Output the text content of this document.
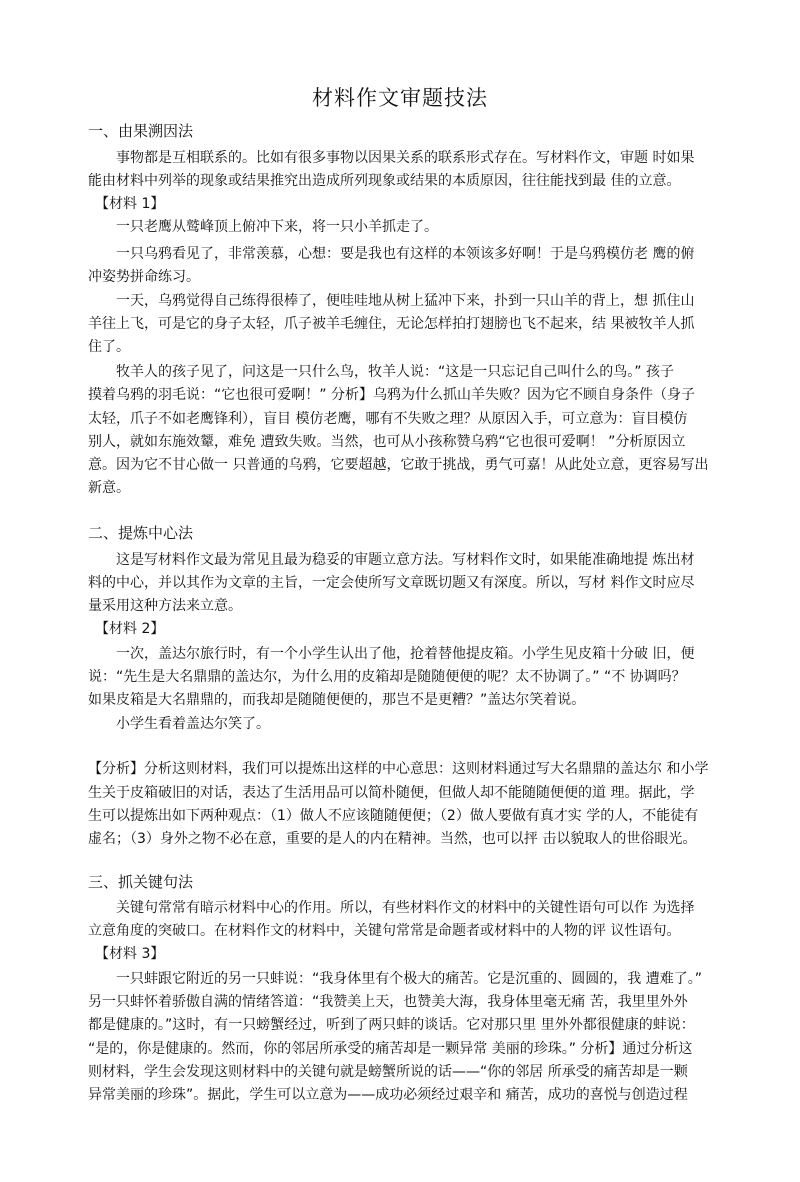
材料作文审题技法
一、由果溯因法
　　事物都是互相联系的。比如有很多事物以因果关系的联系形式存在。写材料作文，审题 时如果
能由材料中列举的现象或结果推究出造成所列现象或结果的本质原因，往往能找到最 佳的立意。
　【材料 1】
　　一只老鹰从鹫峰顶上俯冲下来，将一只小羊抓走了。
　　一只乌鸦看见了，非常羡慕，心想：要是我也有这样的本领该多好啊！于是乌鸦模仿老 鹰的俯
冲姿势拼命练习。
　　一天，乌鸦觉得自己练得很棒了，便哇哇地从树上猛冲下来，扑到一只山羊的背上，想 抓住山
羊往上飞，可是它的身子太轻，爪子被羊毛缠住，无论怎样拍打翅膀也飞不起来，结 果被牧羊人抓
住了。
　　牧羊人的孩子见了，问这是一只什么鸟，牧羊人说：“这是一只忘记自己叫什么的鸟。” 孩子
摸着乌鸦的羽毛说：“它也很可爱啊！” 分析】乌鸦为什么抓山羊失败？因为它不顾自身条件（身子
太轻，爪子不如老鹰锋利），盲目 模仿老鹰，哪有不失败之理？从原因入手，可立意为：盲目模仿
别人，就如东施效颦，难免 遭致失败。当然，也可从小孩称赞乌鸦“它也很可爱啊！ ”分析原因立
意。因为它不甘心做一 只普通的乌鸦，它要超越，它敢于挑战，勇气可嘉！从此处立意，更容易写出
新意。
二、提炼中心法
　　这是写材料作文最为常见且最为稳妥的审题立意方法。写材料作文时，如果能准确地提 炼出材
料的中心，并以其作为文章的主旨，一定会使所写文章既切题又有深度。所以，写材 料作文时应尽
量采用这种方法来立意。
　【材料 2】
　　一次，盖达尔旅行时，有一个小学生认出了他，抢着替他提皮箱。小学生见皮箱十分破 旧，便
说：“先生是大名鼎鼎的盖达尔，为什么用的皮箱却是随随便便的呢？太不协调了。” “不 协调吗？
如果皮箱是大名鼎鼎的，而我却是随随便便的，那岂不是更糟？”盖达尔笑着说。
　　小学生看着盖达尔笑了。
【分析】分析这则材料，我们可以提炼出这样的中心意思：这则材料通过写大名鼎鼎的盖达尔 和小学
生关于皮箱破旧的对话，表达了生活用品可以简朴随便，但做人却不能随随便便的道 理。据此，学
生可以提炼出如下两种观点：（1）做人不应该随随便便；（2）做人要做有真才实 学的人，不能徒有
虚名；（3）身外之物不必在意，重要的是人的内在精神。当然，也可以抨 击以貌取人的世俗眼光。
三、抓关键句法
　　关键句常常有暗示材料中心的作用。所以，有些材料作文的材料中的关键性语句可以作 为选择
立意角度的突破口。在材料作文的材料中，关键句常常是命题者或材料中的人物的评 议性语句。
　【材料 3】
　　一只蚌跟它附近的另一只蚌说：“我身体里有个极大的痛苦。它是沉重的、圆圆的，我 遭难了。”
另一只蚌怀着骄傲自满的情绪答道：“我赞美上天，也赞美大海，我身体里毫无痛 苦，我里里外外
都是健康的。”这时，有一只螃蟹经过，听到了两只蚌的谈话。它对那只里 里外外都很健康的蚌说：
“是的，你是健康的。然而，你的邻居所承受的痛苦却是一颗异常 美丽的珍珠。” 分析】通过分析这
则材料，学生会发现这则材料中的关键句就是螃蟹所说的话——“你的邻居 所承受的痛苦却是一颗
异常美丽的珍珠”。据此，学生可以立意为——成功必须经过艰辛和 痛苦，成功的喜悦与创造过程
